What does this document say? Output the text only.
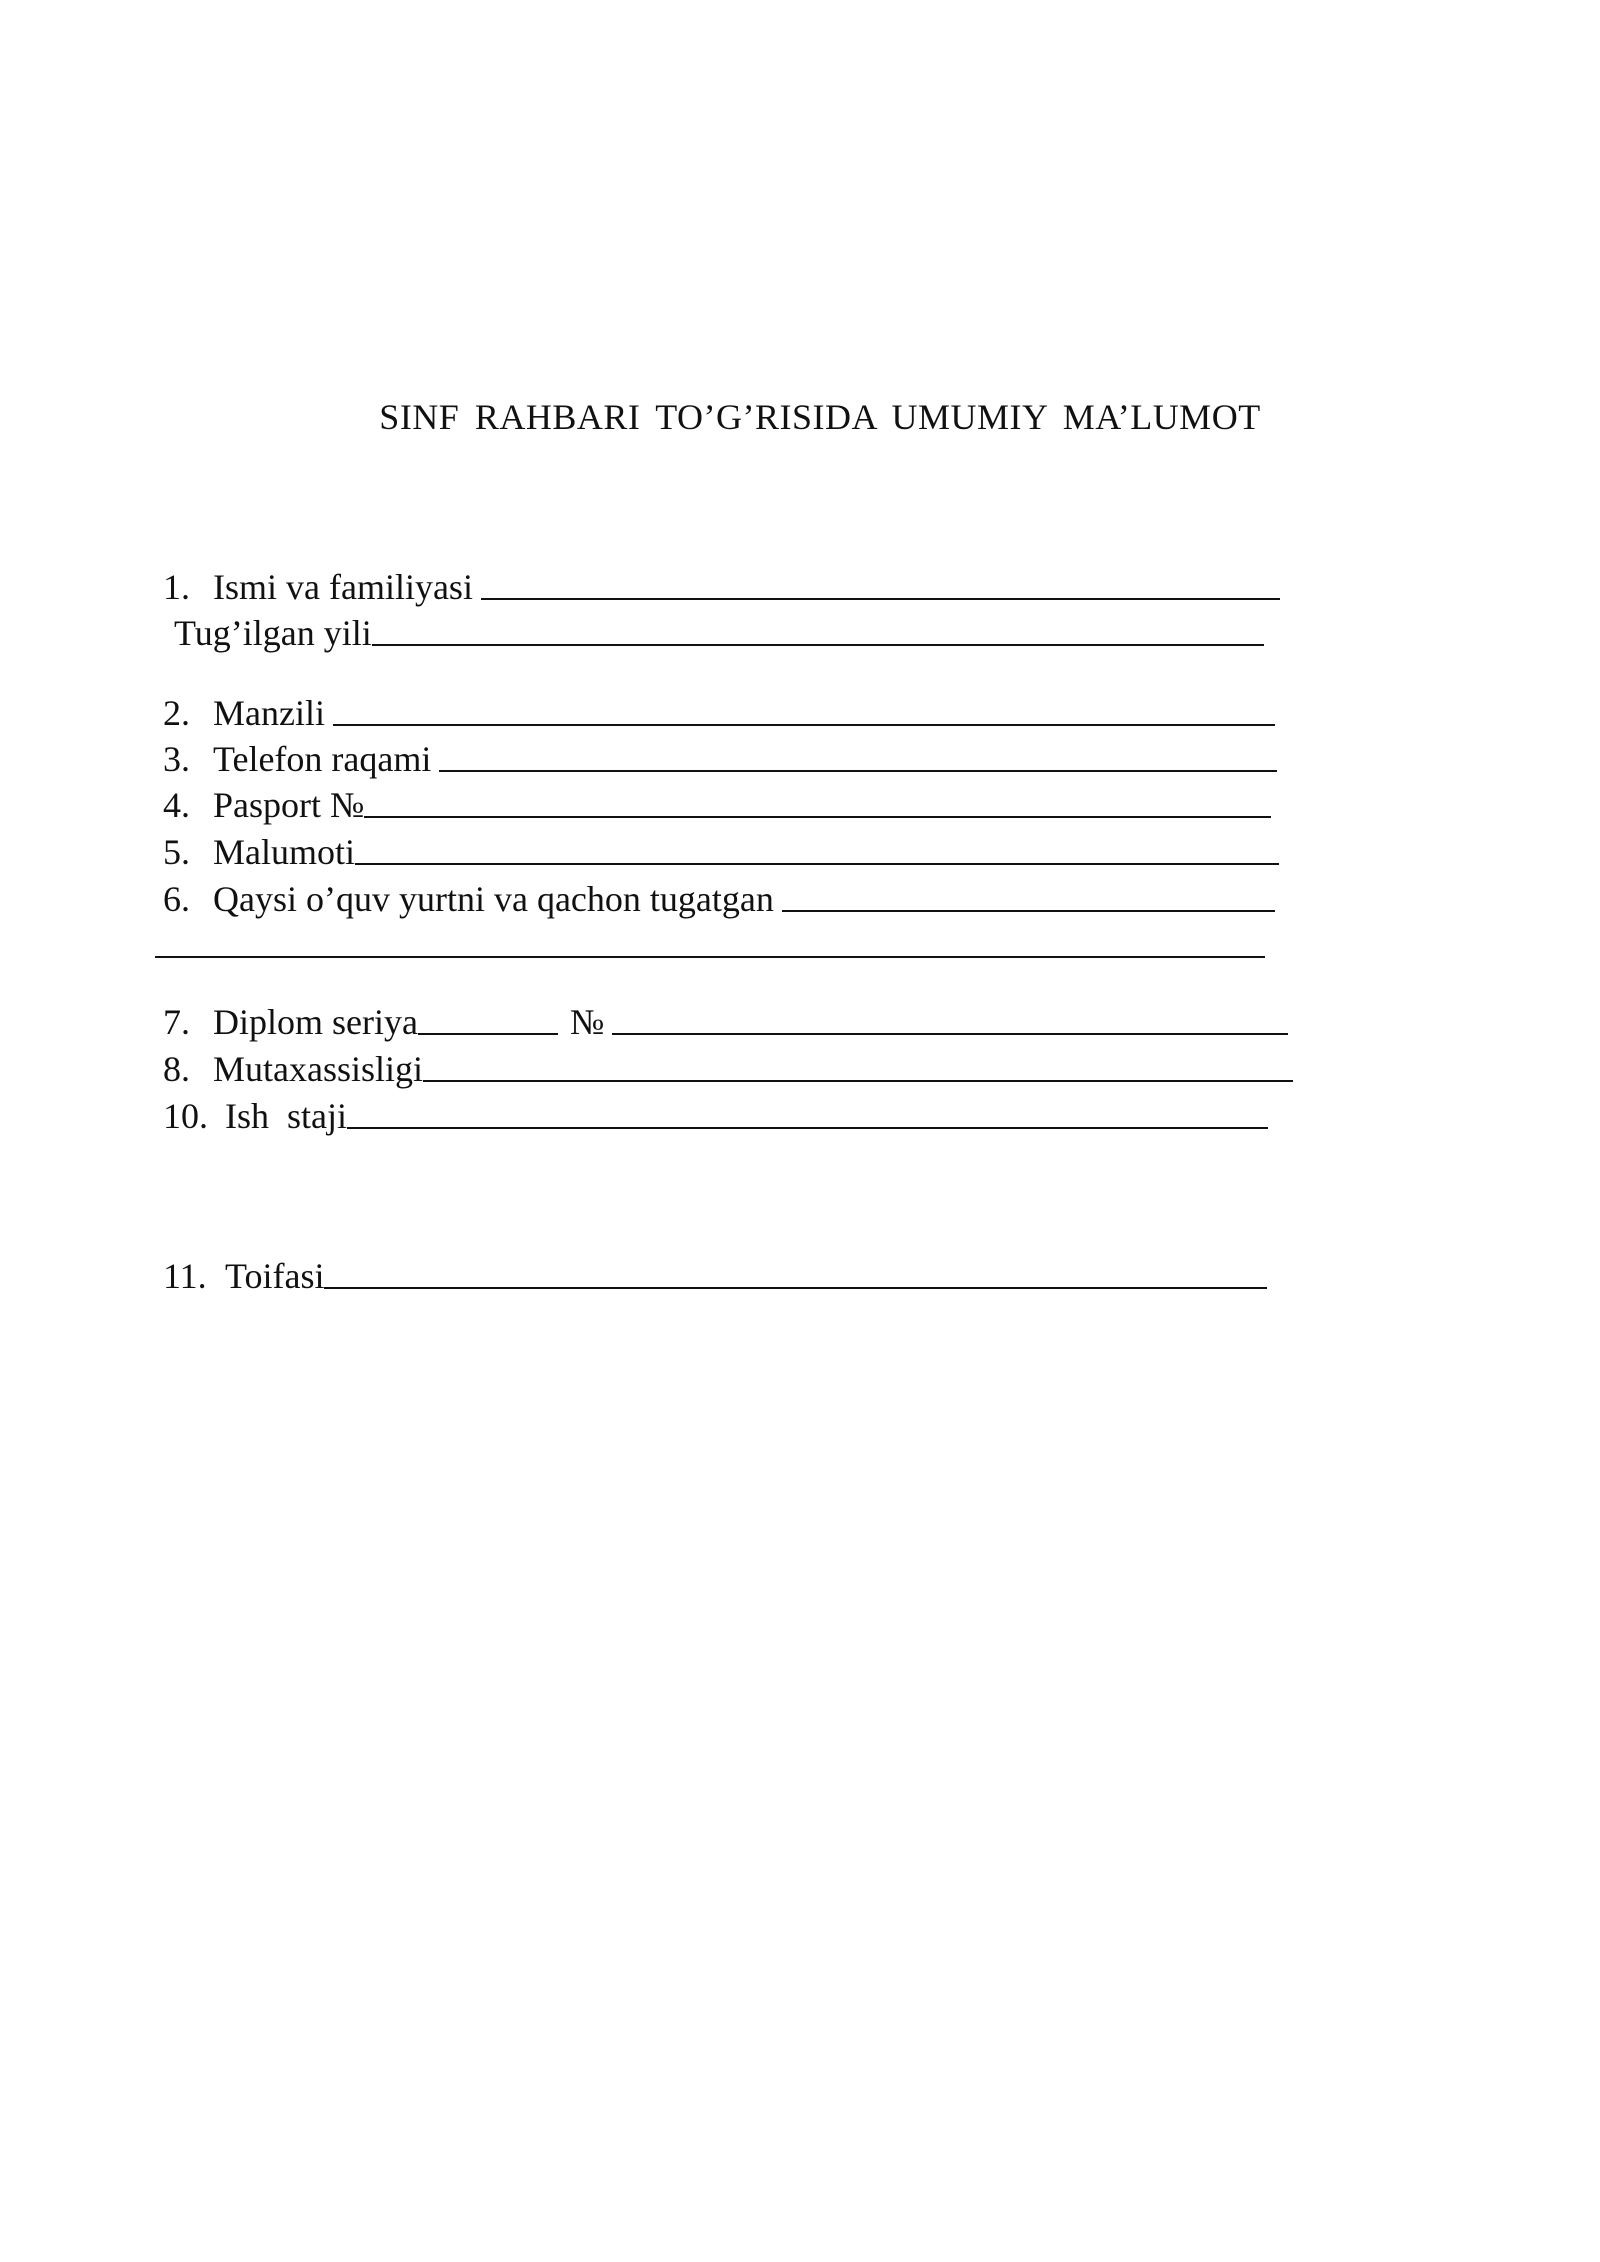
SINF RAHBARI TO’G’RISIDA UMUMIY MA’LUMOT
1. Ismi va familiyasi
Tug’ilgan yili
2. Manzili
3. Telefon raqami
4. Pasport №
5. Malumoti
6. Qaysi o’quv yurtni va qachon tugatgan
7. Diplom seriya	№
8. Mutaxassisligi
10. Ish  staji
11. Toifasi
